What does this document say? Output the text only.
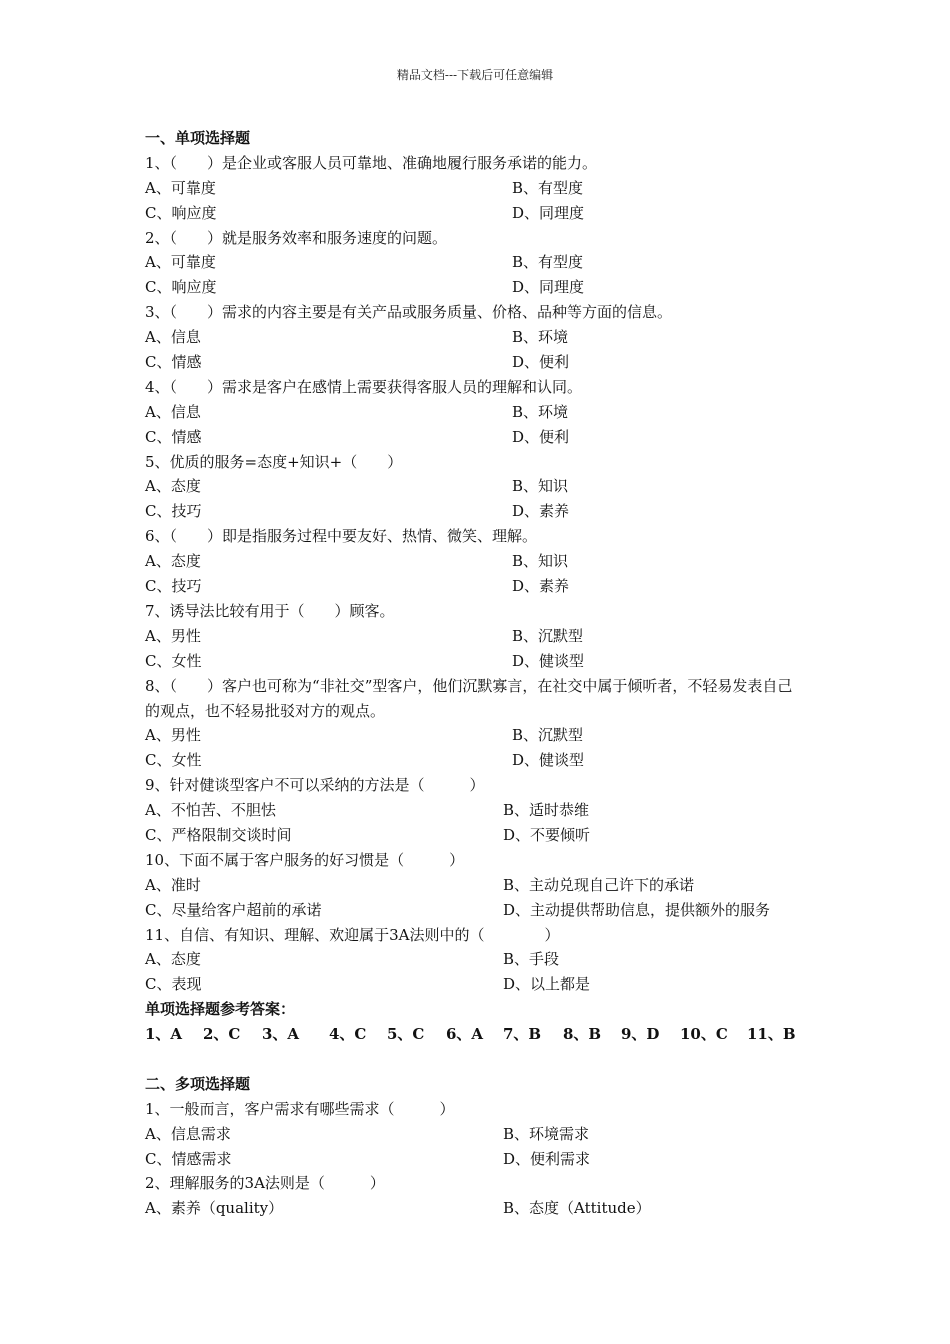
精品文档---下载后可任意编辑
一、单项选择题
1、（　　）是企业或客服人员可靠地、准确地履行服务承诺的能力。
A、可靠度	B、有型度
C、响应度	D、同理度
2、（　　）就是服务效率和服务速度的问题。
A、可靠度	B、有型度
C、响应度	D、同理度
3、（　　）需求的内容主要是有关产品或服务质量、价格、品种等方面的信息。
A、信息	B、环境
C、情感	D、便利
4、（　　）需求是客户在感情上需要获得客服人员的理解和认同。
A、信息	B、环境
C、情感	D、便利
5、优质的服务=态度+知识+（　　）
A、态度	B、知识
C、技巧	D、素养
6、（　　）即是指服务过程中要友好、热情、微笑、理解。
A、态度	B、知识
C、技巧	D、素养
7、诱导法比较有用于（　　）顾客。
A、男性	B、沉默型
C、女性	D、健谈型
8、（　　）客户也可称为“非社交”型客户，他们沉默寡言，在社交中属于倾听者，不轻易发表自己的观点，也不轻易批驳对方的观点。
A、男性	B、沉默型
C、女性	D、健谈型
9、针对健谈型客户不可以采纳的方法是（　　　）
A、不怕苦、不胆怯	B、适时恭维
C、严格限制交谈时间	D、不要倾听
10、下面不属于客户服务的好习惯是（　　　）
A、准时	B、主动兑现自己许下的承诺
C、尽量给客户超前的承诺	D、主动提供帮助信息，提供额外的服务
11、自信、有知识、理解、欢迎属于3A法则中的（　　　　）
A、态度	B、手段
C、表现	D、以上都是
单项选择题参考答案：
1、A	2、C	3、A	4、C	5、C	6、A	7、B	8、B	9、D	10、C	11、B
二、多项选择题
1、一般而言，客户需求有哪些需求（　　　）
A、信息需求	B、环境需求
C、情感需求	D、便利需求
2、理解服务的3A法则是（　　　）
A、素养（quality）	B、态度（Attitude）
